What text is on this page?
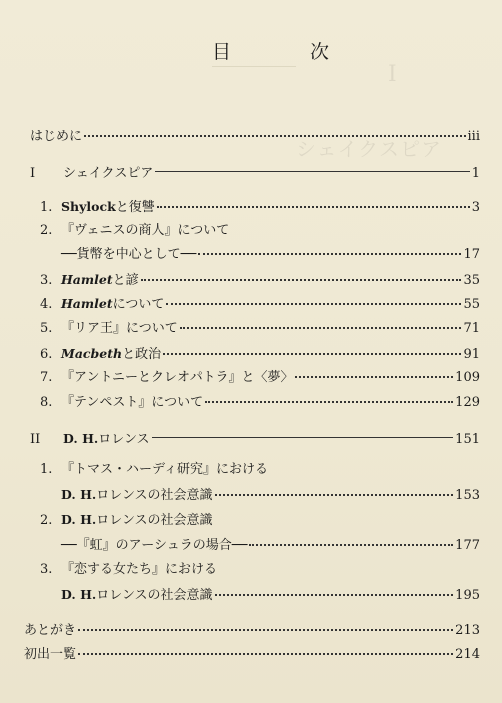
I
シェイクスピア
目　次
はじめに	iii
I	シェイクスピア	1
1. Shylock と復讐	3
2. 『ヴェニスの商人』について
──貨幣を中心として──	17
3. Hamlet と諺	35
4. Hamlet について	55
5. 『リア王』について	71
6. Macbeth と政治	91
7. 『アントニーとクレオパトラ』と〈夢〉	109
8. 『テンペスト』について	129
II	D. H. ロレンス	151
1. 『トマス・ハーディ研究』における
D. H. ロレンスの社会意識	153
2. D. H. ロレンスの社会意識
──『虹』のアーシュラの場合──	177
3. 『恋する女たち』における
D. H. ロレンスの社会意識	195
あとがき	213
初出一覧	214
